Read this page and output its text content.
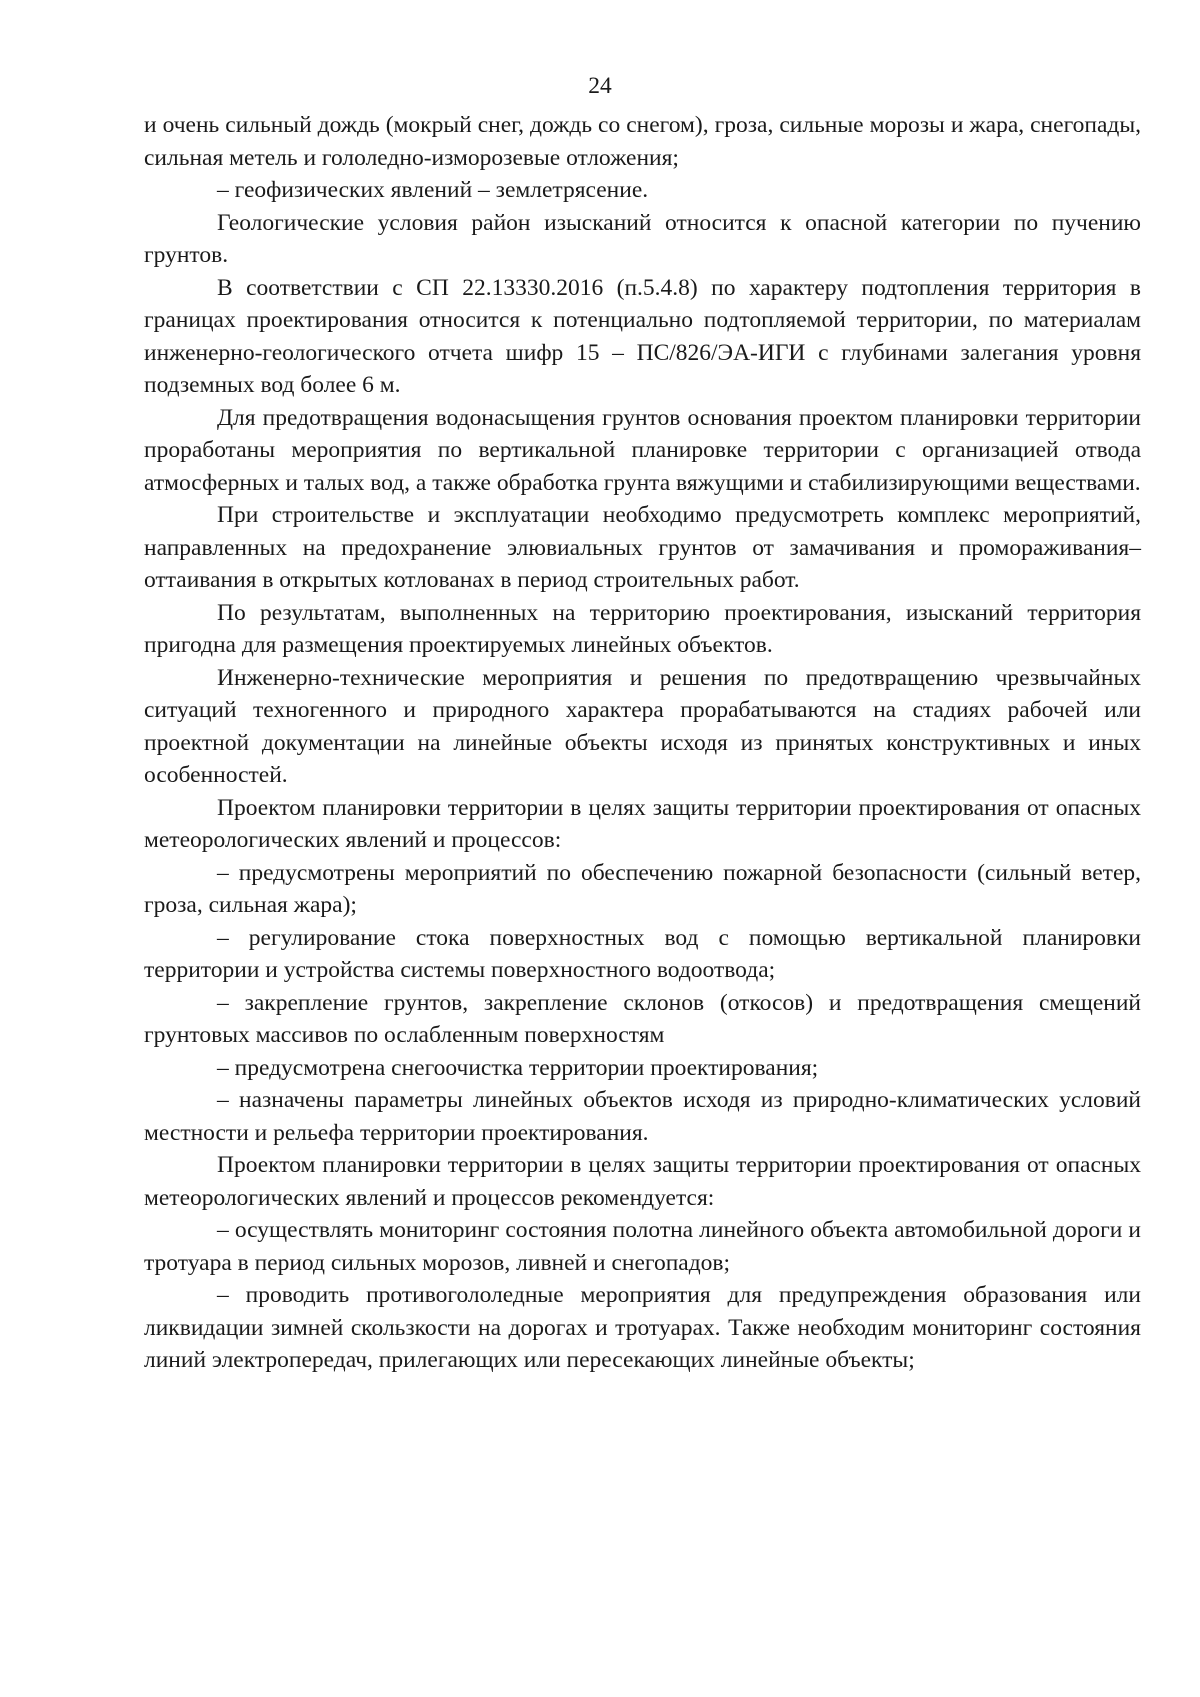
24

и очень сильный дождь (мокрый снег, дождь со снегом), гроза, сильные морозы и жара, снегопады, сильная метель и гололедно-изморозевые отложения;

– геофизических явлений – землетрясение.

Геологические условия район изысканий относится к опасной категории по пучению грунтов.

В соответствии с СП 22.13330.2016 (п.5.4.8) по характеру подтопления территория в границах проектирования относится к потенциально подтопляемой территории, по материалам инженерно-геологического отчета шифр 15 – ПС/826/ЭА-ИГИ с глубинами залегания уровня подземных вод более 6 м.

Для предотвращения водонасыщения грунтов основания проектом планировки территории проработаны мероприятия по вертикальной планировке территории с организацией отвода атмосферных и талых вод, а также обработка грунта вяжущими и стабилизирующими веществами.

При строительстве и эксплуатации необходимо предусмотреть комплекс мероприятий, направленных на предохранение элювиальных грунтов от замачивания и промораживания–оттаивания в открытых котлованах в период строительных работ.

По результатам, выполненных на территорию проектирования, изысканий территория пригодна для размещения проектируемых линейных объектов.

Инженерно-технические мероприятия и решения по предотвращению чрезвычайных ситуаций техногенного и природного характера прорабатываются на стадиях рабочей или проектной документации на линейные объекты исходя из принятых конструктивных и иных особенностей.

Проектом планировки территории в целях защиты территории проектирования от опасных метеорологических явлений и процессов:

– предусмотрены мероприятий по обеспечению пожарной безопасности (сильный ветер, гроза, сильная жара);

– регулирование стока поверхностных вод с помощью вертикальной планировки территории и устройства системы поверхностного водоотвода;

– закрепление грунтов, закрепление склонов (откосов) и предотвращения смещений грунтовых массивов по ослабленным поверхностям

– предусмотрена снегоочистка территории проектирования;

– назначены параметры линейных объектов исходя из природно-климатических условий местности и рельефа территории проектирования.

Проектом планировки территории в целях защиты территории проектирования от опасных метеорологических явлений и процессов рекомендуется:

– осуществлять мониторинг состояния полотна линейного объекта автомобильной дороги и тротуара в период сильных морозов, ливней и снегопадов;

– проводить противогололедные мероприятия для предупреждения образования или ликвидации зимней скользкости на дорогах и тротуарах. Также необходим мониторинг состояния линий электропередач, прилегающих или пересекающих линейные объекты;
